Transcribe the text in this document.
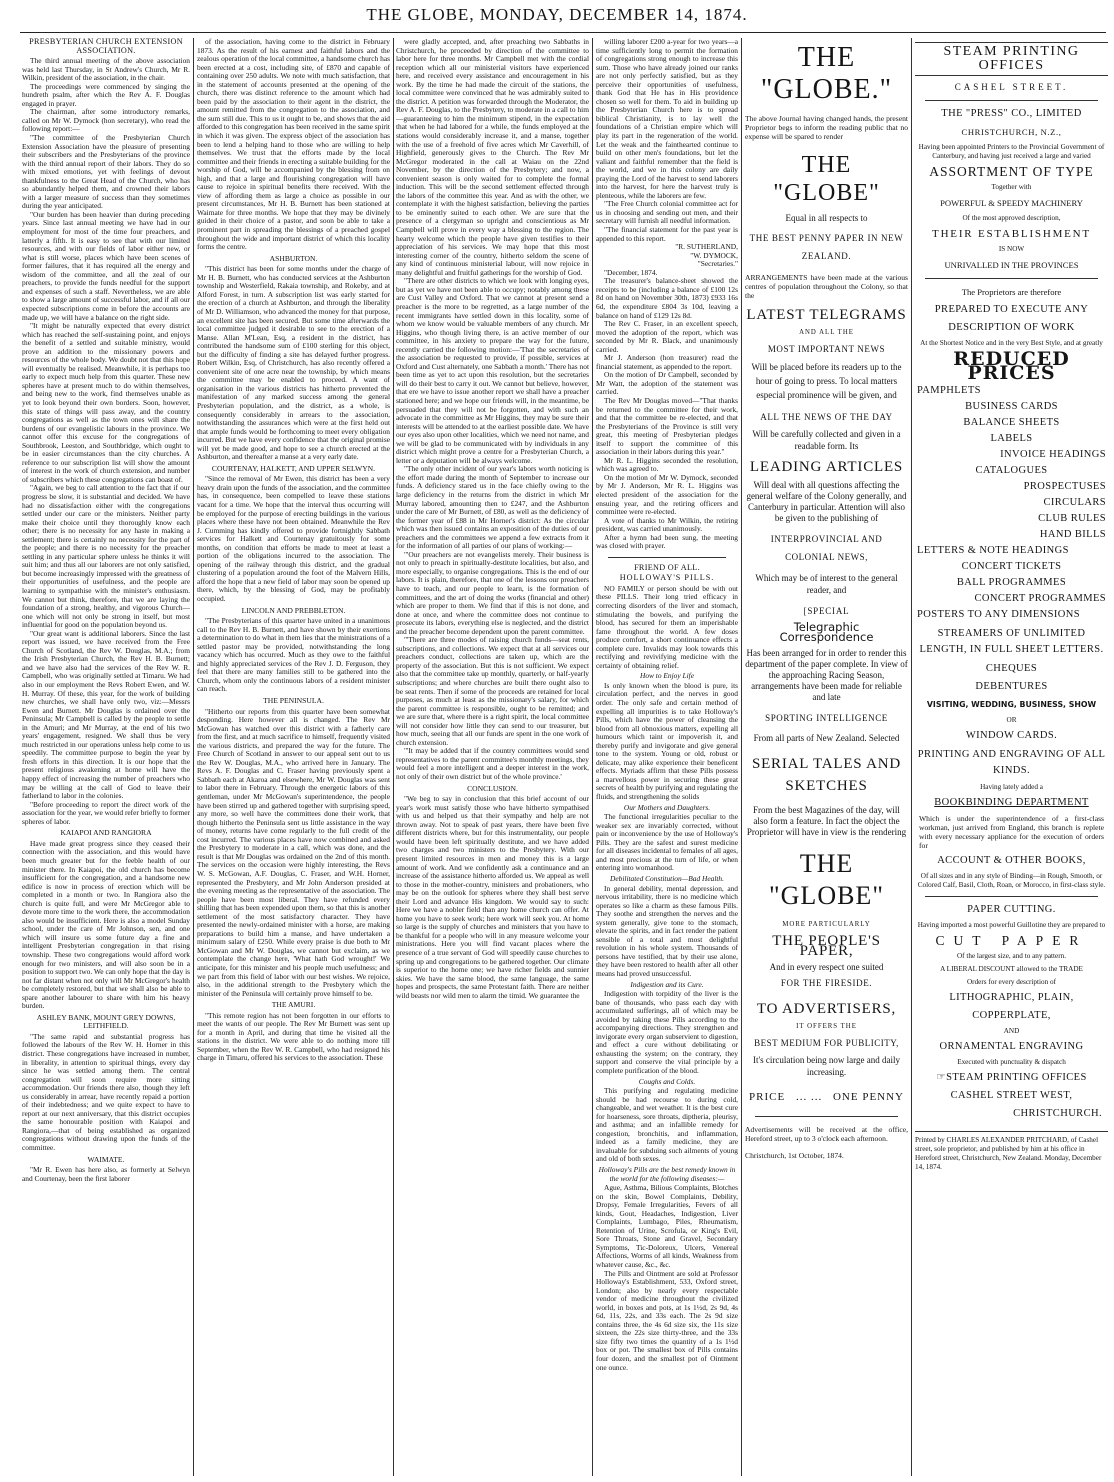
THE GLOBE, MONDAY, DECEMBER 14, 1874.

PRESBYTERIAN CHURCH EXTENSION ASSOCIATION.

The third annual meeting of the above association was held last Thursday, in St Andrew's Church, Mr R. Wilkin, president of the association, in the chair.

The proceedings were commenced by singing the hundreth psalm, after which the Rev A. F. Douglas engaged in prayer.

The chairman, after some introductory remarks, called on Mr W. Dymock (hon secretary), who read the following report:—

"The committee of the Presbyterian Church Extension Association have the pleasure of presenting their subscribers and the Presbyterians of the province with the third annual report of their labors. They do so with mixed emotions, yet with feelings of devout thankfulness to the Great Head of the Church, who has so abundantly helped them, and crowned their labors with a larger measure of success than they sometimes during the year anticipated.

"Our burden has been heavier than during preceding years. Since last annual meeting we have had in our employment for most of the time four preachers, and latterly a fifth. It is easy to see that with our limited resources, and with our fields of labor either new, or what is still worse, places which have been scenes of former failures, that it has required all the energy and wisdom of the committee, and all the zeal of our preachers, to provide the funds needful for the support and expenses of such a staff. Nevertheless, we are able to show a large amount of successful labor, and if all our expected subscriptions come in before the accounts are made up, we will have a balance on the right side.

"It might be naturally expected that every district which has reached the self-sustaining point, and enjoys the benefit of a settled and suitable ministry, would prove an addition to the missionary powers and resources of the whole body. We doubt not that this hope will eventually be realised. Meanwhile, it is perhaps too early to expect much help from this quarter. These new spheres have at present much to do within themselves, and being new to the work, find themselves unable as yet to look beyond their own borders. Soon, however, this state of things will pass away, and the country congregations as well as the town ones will share the burdens of our evangelistic labours in the province. We cannot offer this excuse for the congregations of Southbrook, Leeston, and Southbridge, which ought to be in easier circumstances than the city churches. A reference to our subscription list will show the amount of interest in the work of church extension, and number of subscribers which these congregations can boast of.

"Again, we beg to call attention to the fact that if our progress be slow, it is substantial and decided. We have had no dissatisfaction either with the congregations settled under our care or the ministers. Neither party make their choice until they thoroughly know each other; there is no necessity for any haste in making a settlement; there is certainly no necessity for the part of the people; and there is no necessity for the preacher settling in any particular sphere unless he thinks it will suit him; and thus all our laborers are not only satisfied, but become increasingly impressed with the greatness of their opportunities of usefulness, and the people are learning to sympathise with the minister's enthusiasm. We cannot but think, therefore, that we are laying the foundation of a strong, healthy, and vigorous Church—one which will not only be strong in itself, but most influential for good on the population beyond us.

"Our great want is additional laborers. Since the last report was issued, we have received from the Free Church of Scotland, the Rev W. Douglas, M.A.; from the Irish Presbyterian Church, the Rev H. B. Burnett; and we have also had the services of the Rev W. R. Campbell, who was originally settled at Timaru. We had also in our employment the Revs Robert Ewen, and W. H. Murray. Of these, this year, for the work of building new churches, we shall have only two, viz:—Messrs Ewen and Burnett. Mr Douglas is ordained over the Peninsula; Mr Campbell is called by the people to settle in the Amuri; and Mr Murray, at the end of his two years' engagement, resigned. We shall thus be very much restricted in our operations unless help come to us speedily. The committee purpose to begin the year by fresh efforts in this direction. It is our hope that the present religious awakening at home will have the happy effect of increasing the number of preachers who may be willing at the call of God to leave their fatherland to labor in the colonies.

"Before proceeding to report the direct work of the association for the year, we would refer briefly to former spheres of labor.

KAIAPOI AND RANGIORA

Have made great progress since they ceased their connection with the association, and this would have been much greater but for the feeble health of our minister there. In Kaiapoi, the old church has become insufficient for the congregation, and a handsome new edifice is now in process of erection which will be completed in a month or two. In Rangiora also the church is quite full, and were Mr McGregor able to devote more time to the work there, the accommodation also would be insufficient. Here is also a model Sunday school, under the care of Mr Johnson, sen, and one which will insure us some future day a fine and intelligent Presbyterian congregation in that rising township. These two congregations would afford work enough for two ministers, and will also soon be in a position to support two. We can only hope that the day is not far distant when not only will Mr McGregor's health be completely restored, but that we shall also be able to spare another labourer to share with him his heavy burden.

ASHLEY BANK, MOUNT GREY DOWNS, LEITHFIELD.

"The same rapid and substantial progress has followed the labours of the Rev W. H. Horner in this district. These congregations have increased in number, in liberality, in attention to spiritual things, every day since he was settled among them. The central congregation will soon require more sitting accommodation. Our friends there also, though they left us considerably in arrear, have recently repaid a portion of their indebtedness; and we quite expect to have to report at our next anniversary, that this district occupies the same honourable position with Kaiapoi and Rangiora,—that of being established as organized congregations without drawing upon the funds of the committee.

WAIMATE.

"Mr R. Ewen has here also, as formerly at Selwyn and Courtenay, been the first laborer

of the association, having come to the district in February 1873. As the result of his earnest and faithful labors and the zealous operation of the local committee, a handsome church has been erected at a cost, including site, of £870 and capable of containing over 250 adults. We note with much satisfaction, that in the statement of accounts presented at the opening of the church, there was distinct reference to the amount which had been paid by the association to their agent in the district, the amount remitted from the congregation to the association, and the sum still due. This to us it ought to be, and shows that the aid afforded to this congregation has been received in the same spirit in which it was given. The express object of the association has been to lend a helping hand to those who are willing to help themselves. We trust that the efforts made by the local committee and their friends in erecting a suitable building for the worship of God, will be accompanied by the blessing from on high, and that a large and flourishing congregation will have cause to rejoice in spiritual benefits there received. With the view of affording them as large a choice as possible in our present circumstances, Mr H. B. Burnett has been stationed at Waimate for three months. We hope that they may be divinely guided in their choice of a pastor, and soon be able to take a prominent part in spreading the blessings of a preached gospel throughout the wide and important district of which this locality forms the centre.

ASHBURTON.

"This district has been for some months under the charge of Mr H. B. Burnett, who has conducted services at the Ashburton township and Westerfield, Rakaia township, and Rokeby, and at Alford Forest, in turn. A subscription list was early started for the erection of a church at Ashburton, and through the liberality of Mr D. Williamson, who advanced the money for that purpose, an excellent site has been secured. But some time afterwards the local committee judged it desirable to see to the erection of a Manse. Allan M'Lean, Esq, a resident in the district, has contributed the handsome sum of £100 sterling for this object, but the difficulty of finding a site has delayed further progress. Robert Wilkin, Esq, of Christchurch, has also recently offered a convenient site of one acre near the township, by which means the committee may be enabled to proceed. A want of organisation in the various districts has hitherto prevented the manifestation of any marked success among the general Presbyterian population, and the district, as a whole, is consequently considerably in arrears to the association, notwithstanding the assurances which were at the first held out that ample funds would be forthcoming to meet every obligation incurred. But we have every confidence that the original promise will yet be made good, and hope to see a church erected at the Ashburton, and thereafter a manse at a very early date.

COURTENAY, HALKETT, AND UPPER SELWYN.

"Since the removal of Mr Ewen, this district has been a very heavy drain upon the funds of the association, and the committee has, in consequence, been compelled to leave these stations vacant for a time. We hope that the interval thus occurring will be employed for the purpose of erecting buildings in the various places where these have not been obtained. Meanwhile the Rev J. Cumming has kindly offered to provide fortnightly Sabbath services for Halkett and Courtenay gratuitously for some months, on condition that efforts be made to meet at least a portion of the obligations incurred to the association. The opening of the railway through this district, and the gradual clustering of a population around the foot of the Malvern Hills, afford the hope that a new field of labor may soon be opened up there, which, by the blessing of God, may be profitably occupied.

LINCOLN AND PREBBLETON.

"The Presbyterians of this quarter have united in a unanimous call to the Rev H. B. Burnett, and have shown by their exertions a determination to do what in them lies that the ministrations of a settled pastor may be provided, notwithstanding the long vacancy which has occurred. Much as they owe to the faithful and highly appreciated services of the Rev J. D. Ferguson, they feel that there are many families still to be gathered into the Church, whom only the continuous labors of a resident minister can reach.

THE PENINSULA.

"Hitherto our reports from this quarter have been somewhat desponding. Here however all is changed. The Rev Mr McGowan has watched over this district with a fatherly care from the first, and at much sacrifice to himself, frequently visited the various districts, and prepared the way for the future. The Free Church of Scotland in answer to our appeal sent out to us the Rev W. Douglas, M.A., who arrived here in January. The Revs A. F. Douglas and C. Fraser having previously spent a Sabbath each at Akaroa and elsewhere, Mr W. Douglas was sent to labor there in February. Through the energetic labors of this gentleman, under Mr McGowan's superintendence, the people have been stirred up and gathered together with surprising speed, any more, so well have the committees done their work, that though hitherto the Peninsula sent us little assistance in the way of money, returns have come regularly to the full credit of the cost incurred. The various places have now combined and asked the Presbytery to moderate in a call, which was done, and the result is that Mr Douglas was ordained on the 2nd of this month. The services on the occasion were highly interesting, the Revs W. S. McGowan, A.F. Douglas, C. Fraser, and W.H. Horner, represented the Presbytery, and Mr John Anderson presided at the evening meeting as the representative of the association. The people have been most liberal. They have refunded every shilling that has been expended upon them, so that this is another settlement of the most satisfactory character. They have presented the newly-ordained minister with a horse, are making preparations to build him a manse, and have undertaken a minimum salary of £250. While every praise is due both to Mr McGowan and Mr W. Douglas, we cannot but exclaim, as we contemplate the change here, 'What hath God wrought!' We anticipate, for this minister and his people much usefulness; and we part from this field of labor with our best wishes. We rejoice, also, in the additional strength to the Presbytery which the minister of the Peninsula will certainly prove himself to be.

THE AMURI.

"This remote region has not been forgotten in our efforts to meet the wants of our people. The Rev Mr Burnett was sent up for a month in April, and during that time he visited all the stations in the district. We were able to do nothing more till September, when the Rev W. R. Campbell, who had resigned his charge in Timaru, offered his services to the association. These

were gladly accepted, and, after preaching two Sabbaths in Christchurch, he proceeded by direction of the committee to labor here for three months. Mr Campbell met with the cordial reception which all our ministerial visitors have experienced here, and received every assistance and encouragement in his work. By the time he had made the circuit of the stations, the local committee were convinced that he was admirably suited to the district. A petition was forwarded through the Moderator, the Rev A. F. Douglas, to the Presbytery, to moderate in a call to him—guaranteeing to him the minimum stipend, in the expectation that when he had labored for a while, the funds employed at the stations would considerably increase it, and a manse, together with the use of a freehold of five acres which Mr Caverhill, of Highfield, generously gives to the Church. The Rev Mr McGregor moderated in the call at Waiau on the 22nd November, by the direction of the Presbytery; and now, a convenient season is only waited for to complete the formal induction. This will be the second settlement effected through the labors of the committee this year. And as with the other, we contemplate it with the highest satisfaction, believing the parties to be eminently suited to each other. We are sure that the presence of a clergyman so upright and conscientious as Mr Campbell will prove in every way a blessing to the region. The hearty welcome which the people have given testifies to their appreciation of his services. We may hope that this most interesting corner of the country, hitherto seldom the scene of any kind of continuous ministerial labour, will now rejoice in many delightful and fruitful gatherings for the worship of God.

"There are other districts to which we look with longing eyes, but as yet we have not been able to occupy; notably among these are Cust Valley and Oxford. That we cannot at present send a preacher is the more to be regretted, as a large number of the recent immigrants have settled down in this locality, some of whom we know would be valuable members of any church. Mr Higgins, who though living there, is an active member of our committee, in his anxiety to prepare the way for the future, recently carried the following motion:—'That the secretaries of the association be requested to provide, if possible, services at Oxford and Cust alternately, one Sabbath a month.' There has not been time as yet to act upon this resolution, but the secretaries will do their best to carry it out. We cannot but believe, however, that ere we have to issue another report we shall have a preacher stationed here; and we hope our friends will, in the meantime, be persuaded that they will not be forgotten, and with such an advocate in the committee as Mr Higgins, they may be sure their interests will be attended to at the earliest possible date. We have our eyes also upon other localities, which we need not name, and we will be glad to be communicated with by individuals in any district which might prove a centre for a Presbyterian Church, a letter or a deputation will be always welcome.

"The only other incident of our year's labors worth noticing is the effort made during the month of September to increase our funds. A deficiency stared us in the face chiefly owing to the large deficiency in the returns from the district in which Mr Murray labored, amounting then to £247, and the Ashburton under the care of Mr Burnett, of £80, as well as the deficiency of the former year of £88 in Mr Horner's district: As the circular which was then issued contains an exposition of the duties of our preachers and the committees we append a few extracts from it for the information of all parties of our plans of working:—

"'Our preachers are not evangelists merely. Their business is not only to preach in spiritually-destitute localities, but also, and more especially, to organise congregations. This is the end of our labors. It is plain, therefore, that one of the lessons our preachers have to teach, and our people to learn, is the formation of committees, and the art of doing the works (financial and other) which are proper to them. We find that if this is not done, and done at once, and where the committee does not continue to prosecute its labors, everything else is neglected, and the district and the preacher become dependent upon the parent committee.

"'There are three modes of raising church funds—seat rents, subscriptions, and collections. We expect that at all services our preachers conduct, collections are taken up, which are the property of the association. But this is not sufficient. We expect also that the committee take up monthly, quarterly, or half-yearly subscriptions; and where churches are built there ought also to be seat rents. Then if some of the proceeds are retained for local purposes, as much at least as the missionary's salary, for which the parent committee is responsible, ought to be remitted; and we are sure that, where there is a right spirit, the local committee will not consider how little they can send to our treasurer, but how much, seeing that all our funds are spent in the one work of church extension.

"'It may be added that if the country committees would send representatives to the parent committee's monthly meetings, they would feel a more intelligent and a deeper interest in the work, not only of their own district but of the whole province.'

CONCLUSION.

"We beg to say in conclusion that this brief account of our year's work must satisfy those who have hitherto sympathised with us and helped us that their sympathy and help are not thrown away. Not to speak of past years, there have been five different districts where, but for this instrumentality, our people would have been left spiritually destitute, and we have added two charges and two ministers to the Presbytery. With our present limited resources in men and money this is a large amount of work. And we confidently ask a continuance and an increase of the assistance hitherto afforded us. We appeal as well to those in the mother-country, ministers and probationers, who may be on the outlook for spheres where they shall best serve their Lord and advance His kingdom. We would say to such: Here we have a nobler field than any home church can offer. At home you have to seek work; here work will seek you. At home so large is the supply of churches and ministers that you have to be thankful for a people who will in any measure welcome your ministrations. Here you will find vacant places where the presence of a true servant of God will speedily cause churches to spring up and congregations to be gathered together. Our climate is superior to the home one; we have richer fields and sunnier skies. We have the same blood, the same language, the same hopes and prospects, the same Protestant faith. There are neither wild beasts nor wild men to alarm the timid. We guarantee the

willing laborer £200 a-year for two years—a time sufficiently long to permit the formation of congregations strong enough to increase this sum. Those who have already joined our ranks are not only perfectly satisfied, but as they perceive their opportunities of usefulness, thank God that He has in His providence chosen so well for them. To aid in building up the Presbyterian Church here is to spread biblical Christianity, is to lay well the foundations of a Christian empire which will play its part in the regeneration of the world. Let the weak and the fainthearted continue to build on other men's foundations, but let the valiant and faithful remember that the field is the world, and we in this colony are daily praying the Lord of the harvest to send laborers into the harvest, for here the harvest truly is plenteous, while the laborers are few.

"The Free Church colonial committee act for us in choosing and sending out men, and their secretary will furnish all needful information.

"The financial statement for the past year is appended to this report.

"R. SUTHERLAND,

"W. DYMOCK,

"Secretaries."

"December, 1874.

The treasurer's balance-sheet showed the receipts to be (including a balance of £100 12s 8d on hand on November 30th, 1873) £933 16s 6d, the expenditure £804 3s 10d, leaving a balance on hand of £129 12s 8d.

The Rev C. Fraser, in an excellent speech, moved the adoption of the report, which was seconded by Mr R. Black, and unanimously carried.

Mr J. Anderson (hon treasurer) read the financial statement, as appended to the report.

On the motion of Dr Campbell, seconded by Mr Watt, the adoption of the statement was carried.

The Rev Mr Douglas moved—"That thanks be returned to the committee for their work, and that the committee be re-elected, and that the Presbyterians of the Province is still very great, this meeting of Presbyterian pledges itself to support the committee of this association in their labors during this year."

Mr R. L. Higgins seconded the resolution, which was agreed to.

On the motion of Mr W. Dymock, seconded by Mr J. Anderson, Mr R. L. Higgins was elected president of the association for the ensuing year, and the retiring officers and committee were re-elected.

A vote of thanks to Mr Wilkin, the retiring president, was carried unanimously.

After a hymn had been sung, the meeting was closed with prayer.

FRIEND OF ALL.

HOLLOWAY'S PILLS.

NO FAMILY or person should be with out these PILLS. Their long tried efficacy in correcting disorders of the liver and stomach, stimulating the bowels, and purifying the blood, has secured for them an imperishable fame throughout the world. A few doses produce comfort, a short continuance effects a complete cure. Invalids may look towards this rectifying and revivifying medicine with the certainty of obtaining relief.

How to Enjoy Life

Is only known when the blood is pure, its circulation perfect, and the nerves in good order. The only safe and certain method of expelling all impurities is to take Holloway's Pills, which have the power of cleansing the blood from all obnoxious matters, expelling all humours which taint or impoverish it, and thereby purify and invigorate and give general tone to the system. Young or old, robust or delicate, may alike experience their beneficent effects. Myriads affirm that these Pills possess a marvellous power in securing these great secrets of health by purifying and regulating the fluids, and strengthening the solids

Our Mothers and Daughters.

The functional irregularities peculiar to the weaker sex are invariably corrected, without pain or inconvenience by the use of Holloway's Pills. They are the safest and surest medicine for all diseases incidental to females of all ages, and most precious at the turn of life, or when entering into womanhood.

Debilitated Constitution—Bad Health.

In general debility, mental depression, and nervous irritability, there is no medicine which operates so like a charm as these famous Pills. They soothe and strengthen the nerves and the system generally, give tone to the stomach, elevate the spirits, and in fact render the patient sensible of a total and most delightful revolution in his whole system. Thousands of persons have testified, that by their use alone, they have been restored to health after all other means had proved unsuccessful.

Indigestion and its Cure.

Indigestion with torpidity of the liver is the bane of thousands, who pass each day with accumulated sufferings, all of which may be avoided by taking these Pills according to the accompanying directions. They strengthen and invigorate every organ subservient to digestion, and effect a cure without debilitating or exhausting the system; on the contrary, they support and conserve the vital principle by a complete purification of the blood.

Coughs and Colds.

This purifying and regulating medicine should be had recourse to during cold, changeable, and wet weather. It is the best cure for hoarseness, sore throats, diptheria, pleurisy, and asthma; and an infallible remedy for congestion, bronchitis, and inflammation, indeed as a family medicine, they are invaluable for subduing such ailments of young and old of both sexes.

Holloway's Pills are the best remedy known in the world for the following diseases:—

Ague, Asthma, Bilious Complaints, Blotches on the skin, Bowel Complaints, Debility, Dropsy, Female Irregularities, Fevers of all kinds, Gout, Headaches, Indigestion, Liver Complaints, Lumbago, Piles, Rheumatism, Retention of Urine, Scrofula, or King's Evil, Sore Throats, Stone and Gravel, Secondary Symptoms, Tic-Doloreux, Ulcers, Venereal Affections, Worms of all kinds, Weakness from whatever cause, &c., &c.

The Pills and Ointment are sold at Professor Holloway's Establishment, 533, Oxford street, London; also by nearly every respectable vendor of medicine throughout the civilized world, in boxes and pots, at 1s 1½d, 2s 9d, 4s 6d, 11s, 22s, and 33s each. The 2s 9d size contains three, the 4s 6d size six, the 11s size sixteen, the 22s size thirty-three, and the 33s size fifty two times the quantity of a 1s 1½d box or pot. The smallest box of Pills contains four dozen, and the smallest pot of Ointment one ounce.

THE "GLOBE."
The above Journal having changed hands, the present Proprietor begs to inform the reading public that no expense will be spared to render
THE "GLOBE"
Equal in all respects to
THE BEST PENNY PAPER IN NEW ZEALAND.
ARRANGEMENTS have been made at the various centres of population throughout the Colony, so that the
LATEST TELEGRAMS
AND ALL THE
MOST IMPORTANT NEWS
Will be placed before its readers up to the hour of going to press. To local matters especial prominence will be given, and
ALL THE NEWS OF THE DAY
Will be carefully collected and given in a readable form. Its
LEADING ARTICLES
Will deal with all questions affecting the general welfare of the Colony generally, and Canterbury in particular. Attention will also be given to the publishing of
INTERPROVINCIAL AND COLONIAL NEWS,
Which may be of interest to the general reader, and
[SPECIAL
Telegraphic Correspondence
Has been arranged for in order to render this department of the paper complete. In view of the approaching Racing Season, arrangements have been made for reliable and late
SPORTING INTELLIGENCE
From all parts of New Zealand. Selected
SERIAL TALES AND SKETCHES
From the best Magazines of the day, will also form a feature. In fact the object the Proprietor will have in view is the rendering
THE "GLOBE"
MORE PARTICULARLY
THE PEOPLE'S PAPER,
And in every respect one suited
FOR THE FIRESIDE.
TO ADVERTISERS,
IT OFFERS THE
BEST MEDIUM FOR PUBLICITY,
It's circulation being now large and daily increasing.
PRICE ... ... ONE PENNY
Advertisements will be received at the office, Hereford street, up to 3 o'clock each afternoon.
Christchurch, 1st October, 1874.
STEAM PRINTING OFFICES
CASHEL STREET.
THE "PRESS" CO., LIMITED
CHRISTCHURCH, N.Z.,
Having been appointed Printers to the Provincial Government of Canterbury, and having just received a large and varied
ASSORTMENT OF TYPE
Together with
POWERFUL & SPEEDY MACHINERY
Of the most approved description,
THEIR ESTABLISHMENT
IS NOW
UNRIVALLED IN THE PROVINCES
The Proprietors are therefore
PREPARED TO EXECUTE ANY
DESCRIPTION OF WORK
At the Shortest Notice and in the very Best Style, and at greatly
REDUCED PRICES
PAMPHLETS
BUSINESS CARDS
BALANCE SHEETS
LABELS
INVOICE HEADINGS
CATALOGUES
PROSPECTUSES
CIRCULARS
CLUB RULES
HAND BILLS
LETTERS & NOTE HEADINGS
CONCERT TICKETS
BALL PROGRAMMES
CONCERT PROGRAMMES
POSTERS TO ANY DIMENSIONS
STREAMERS OF UNLIMITED LENGTH, IN FULL SHEET LETTERS.
CHEQUES
DEBENTURES
VISITING, WEDDING, BUSINESS, SHOW
OR
WINDOW CARDS.
PRINTING AND ENGRAVING OF ALL KINDS.
Having lately added a
BOOKBINDING DEPARTMENT
Which is under the superintendence of a first-class workman, just arrived from England, this branch is replete with every necessary appliance for the execution of orders for
ACCOUNT & OTHER BOOKS,
Of all sizes and in any style of Binding—in Rough, Smooth, or Colored Calf, Basil, Cloth, Roan, or Morocco, in first-class style.
PAPER CUTTING.
Having imported a most powerful Guillotine they are prepared to
CUT PAPER
Of the largest size, and to any pattern.
A LIBERAL DISCOUNT allowed to the TRADE
Orders for every description of
LITHOGRAPHIC, PLAIN,
COPPERPLATE,
AND
ORNAMENTAL ENGRAVING
Executed with punctuality & dispatch
☞STEAM PRINTING OFFICES
CASHEL STREET WEST,
CHRISTCHURCH.
Printed by CHARLES ALEXANDER PRITCHARD, of Cashel street, sole proprietor, and published by him at his office in Hereford street, Christchurch, New Zealand. Monday, December 14, 1874.
